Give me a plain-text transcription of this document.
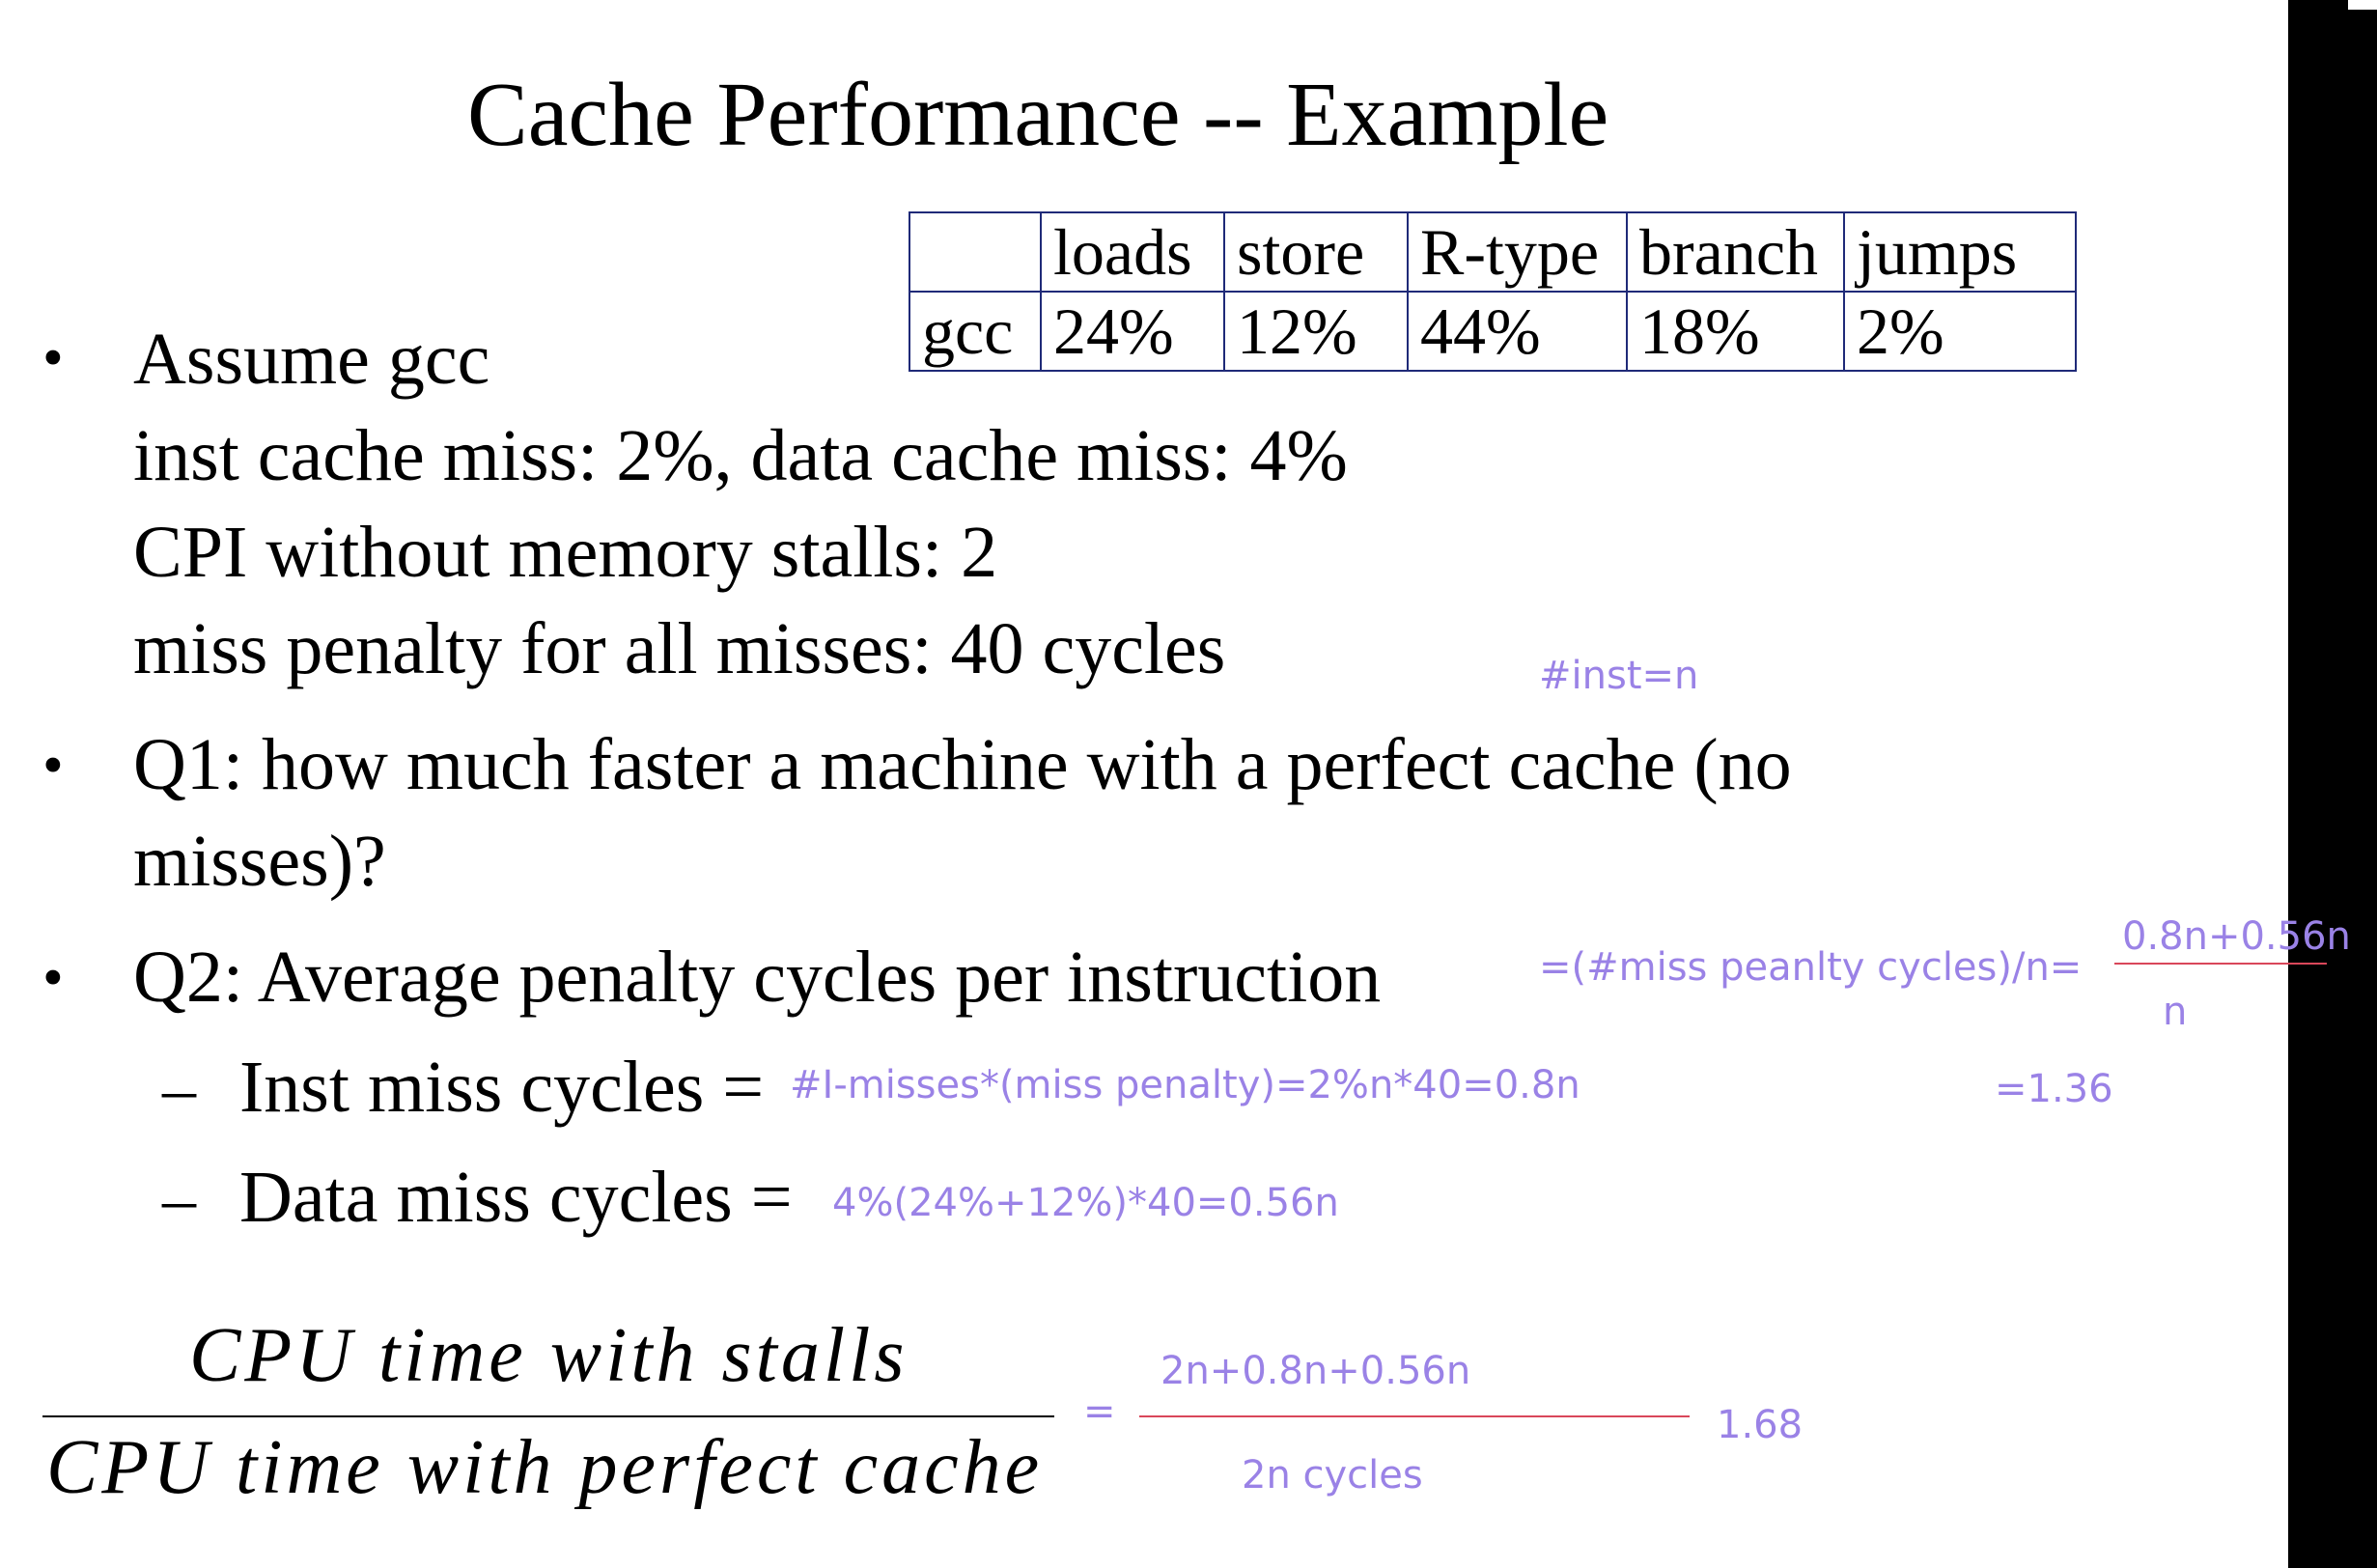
Cache Performance -- Example
	loads	store	R-type	branch	jumps
gcc	24%	12%	44%	18%	2%
• Assume gcc
inst cache miss: 2%, data cache miss: 4%
CPI without memory stalls: 2
miss penalty for all misses: 40 cycles
• Q1: how much faster a machine with a perfect cache (no
misses)?
• Q2: Average penalty cycles per instruction
– Inst miss cycles =
– Data miss cycles =
CPU time with stalls
CPU time with perfect cache
#inst=n
=(#miss peanlty cycles)/n=
0.8n+0.56n
n
=1.36
#I-misses*(miss penalty)=2%n*40=0.8n
4%(24%+12%)*40=0.56n
=
2n+0.8n+0.56n
2n cycles
1.68
